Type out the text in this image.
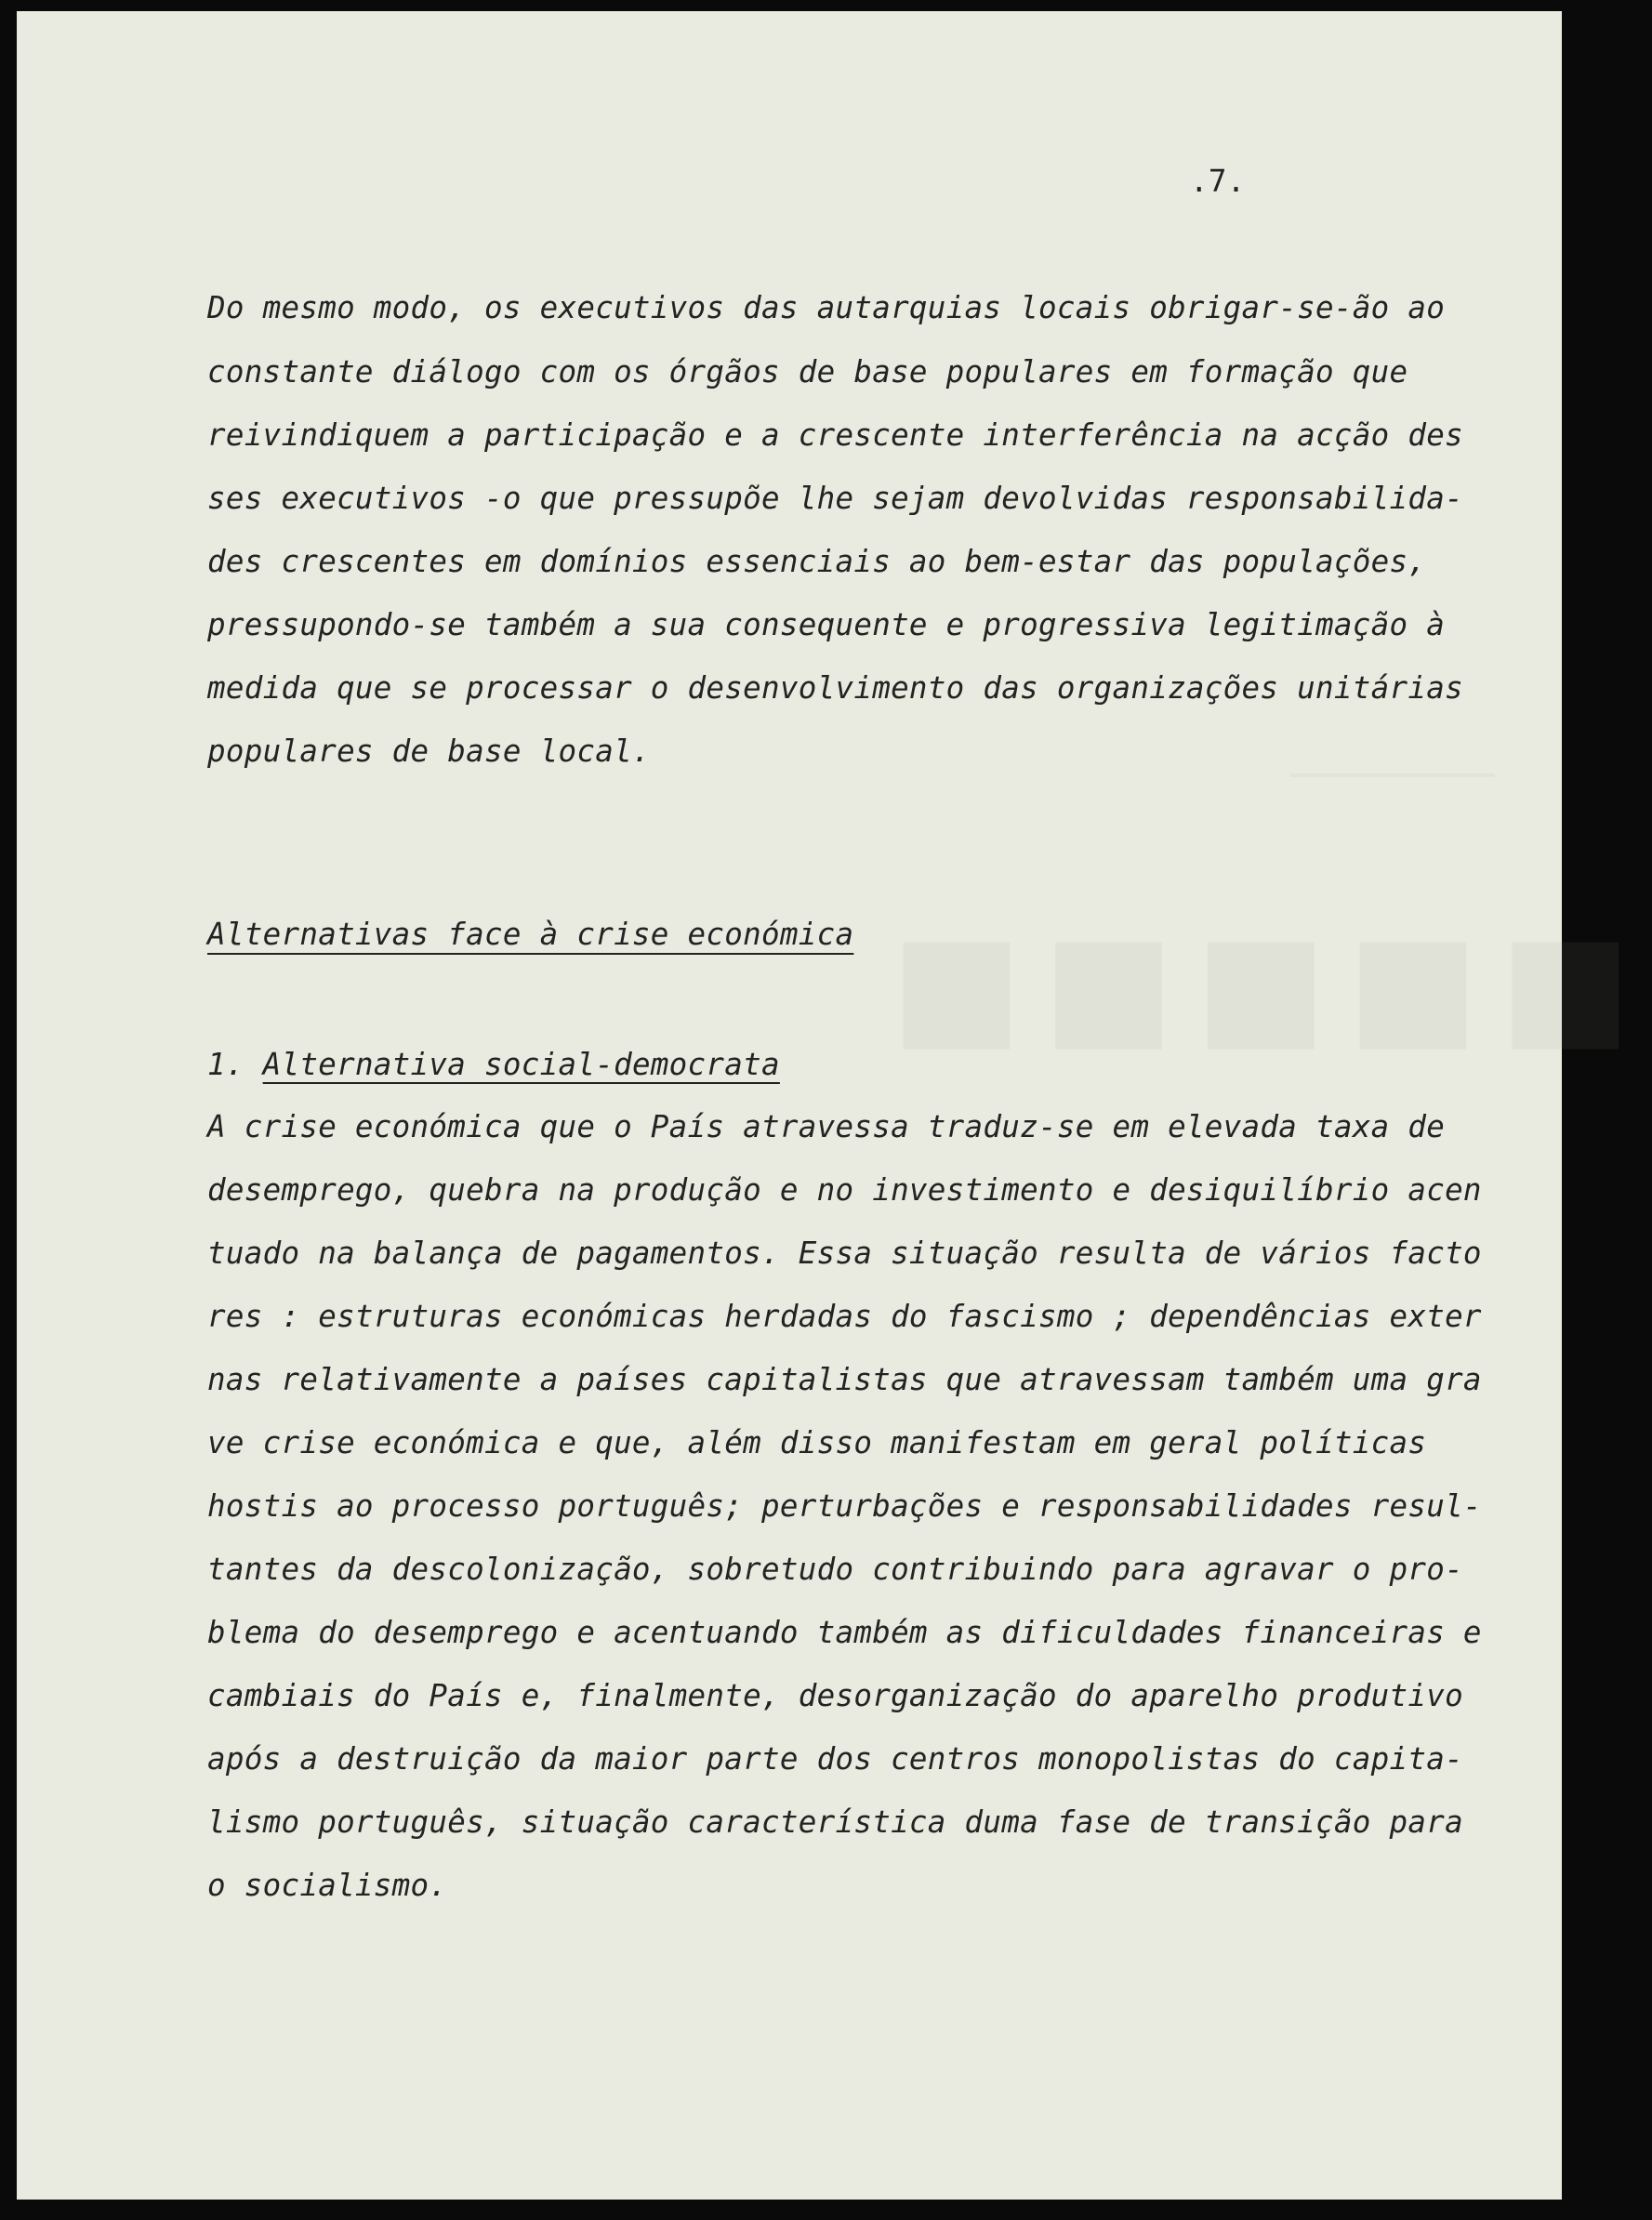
■■■■■
.7.
Do mesmo modo, os executivos das autarquias locais obrigar-se-ão ao
constante diálogo com os órgãos de base populares em formação que
reivindiquem a participação e a crescente interferência na acção des
ses executivos -o que pressupõe lhe sejam devolvidas responsabilida-
des crescentes em domínios essenciais ao bem-estar das populações,
pressupondo-se também a sua consequente e progressiva legitimação à
medida que se processar o desenvolvimento das organizações unitárias
populares de base local.
Alternativas face à crise económica
1. Alternativa social-democrata
A crise económica que o País atravessa traduz-se em elevada taxa de
desemprego, quebra na produção e no investimento e desiquilíbrio acen
tuado na balança de pagamentos. Essa situação resulta de vários facto
res : estruturas económicas herdadas do fascismo ; dependências exter
nas relativamente a países capitalistas que atravessam também uma gra
ve crise económica e que, além disso manifestam em geral políticas
hostis ao processo português; perturbações e responsabilidades resul-
tantes da descolonização, sobretudo contribuindo para agravar o pro-
blema do desemprego e acentuando também as dificuldades financeiras e
cambiais do País e, finalmente, desorganização do aparelho produtivo
após a destruição da maior parte dos centros monopolistas do capita-
lismo português, situação característica duma fase de transição para
o socialismo.
